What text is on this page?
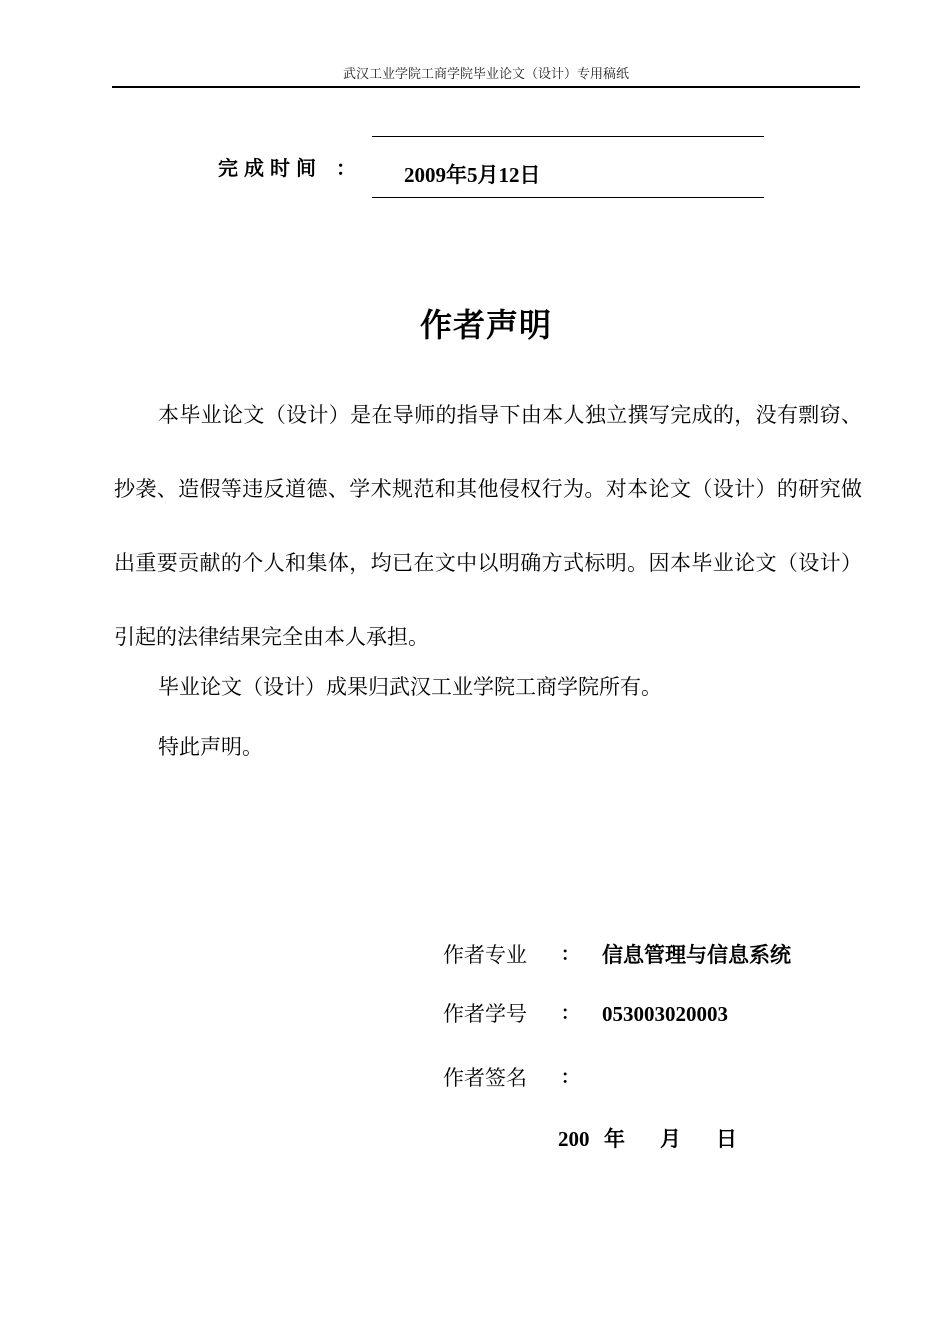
武汉工业学院工商学院毕业论文（设计）专用稿纸
完成时间 ： 2009年5月12日
作者声明

本毕业论文（设计）是在导师的指导下由本人独立撰写完成的，没有剽窃、抄袭、造假等违反道德、学术规范和其他侵权行为。对本论文（设计）的研究做出重要贡献的个人和集体，均已在文中以明确方式标明。因本毕业论文（设计）引起的法律结果完全由本人承担。

毕业论文（设计）成果归武汉工业学院工商学院所有。

特此声明。

作者专业 ： 信息管理与信息系统
作者学号 ： 053003020003
作者签名 ：
200 年 月 日
